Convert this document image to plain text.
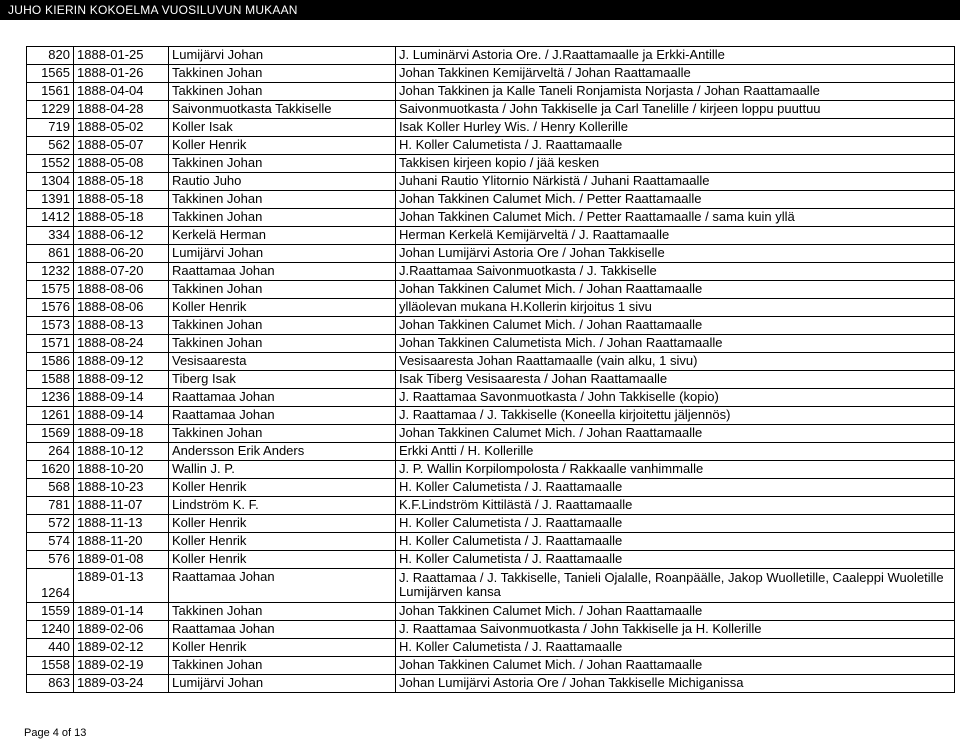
JUHO KIERIN KOKOELMA VUOSILUVUN MUKAAN
820	1888-01-25	Lumijärvi Johan	J. Luminärvi Astoria Ore. / J.Raattamaalle ja Erkki-Antille
1565	1888-01-26	Takkinen Johan	Johan Takkinen Kemijärveltä / Johan Raattamaalle
1561	1888-04-04	Takkinen Johan	Johan Takkinen ja Kalle Taneli Ronjamista Norjasta / Johan Raattamaalle
1229	1888-04-28	Saivonmuotkasta Takkiselle	Saivonmuotkasta / John Takkiselle ja Carl Tanelille / kirjeen loppu puuttuu
719	1888-05-02	Koller Isak	Isak Koller Hurley Wis. / Henry Kollerille
562	1888-05-07	Koller Henrik	H. Koller Calumetista / J. Raattamaalle
1552	1888-05-08	Takkinen Johan	Takkisen kirjeen kopio / jää kesken
1304	1888-05-18	Rautio Juho	Juhani Rautio Ylitornio Närkistä / Juhani Raattamaalle
1391	1888-05-18	Takkinen Johan	Johan Takkinen Calumet Mich. / Petter Raattamaalle
1412	1888-05-18	Takkinen Johan	Johan Takkinen Calumet Mich. / Petter Raattamaalle / sama kuin yllä
334	1888-06-12	Kerkelä Herman	Herman Kerkelä Kemijärveltä / J. Raattamaalle
861	1888-06-20	Lumijärvi Johan	Johan Lumijärvi Astoria Ore / Johan Takkiselle
1232	1888-07-20	Raattamaa Johan	J.Raattamaa Saivonmuotkasta / J. Takkiselle
1575	1888-08-06	Takkinen Johan	Johan Takkinen Calumet Mich. / Johan Raattamaalle
1576	1888-08-06	Koller Henrik	ylläolevan mukana H.Kollerin kirjoitus 1 sivu
1573	1888-08-13	Takkinen Johan	Johan Takkinen Calumet Mich. / Johan Raattamaalle
1571	1888-08-24	Takkinen Johan	Johan Takkinen Calumetista Mich. / Johan Raattamaalle
1586	1888-09-12	Vesisaaresta	Vesisaaresta Johan Raattamaalle (vain alku, 1 sivu)
1588	1888-09-12	Tiberg Isak	Isak Tiberg Vesisaaresta / Johan Raattamaalle
1236	1888-09-14	Raattamaa Johan	J. Raattamaa Savonmuotkasta / John Takkiselle (kopio)
1261	1888-09-14	Raattamaa Johan	J. Raattamaa / J. Takkiselle (Koneella kirjoitettu jäljennös)
1569	1888-09-18	Takkinen Johan	Johan Takkinen Calumet Mich. / Johan Raattamaalle
264	1888-10-12	Andersson Erik Anders	Erkki Antti / H. Kollerille
1620	1888-10-20	Wallin J. P.	J. P. Wallin Korpilompolosta / Rakkaalle vanhimmalle
568	1888-10-23	Koller Henrik	H. Koller Calumetista / J. Raattamaalle
781	1888-11-07	Lindström K. F.	K.F.Lindström Kittilästä / J. Raattamaalle
572	1888-11-13	Koller Henrik	H. Koller Calumetista / J. Raattamaalle
574	1888-11-20	Koller Henrik	H. Koller Calumetista / J. Raattamaalle
576	1889-01-08	Koller Henrik	H. Koller Calumetista / J. Raattamaalle
1264	1889-01-13	Raattamaa Johan	J. Raattamaa / J. Takkiselle, Tanieli Ojalalle, Roanpäälle, Jakop Wuolletille, Caaleppi Wuoletille Lumijärven kansa
1559	1889-01-14	Takkinen Johan	Johan Takkinen Calumet Mich. / Johan Raattamaalle
1240	1889-02-06	Raattamaa Johan	J. Raattamaa Saivonmuotkasta / John Takkiselle ja H. Kollerille
440	1889-02-12	Koller Henrik	H. Koller Calumetista / J. Raattamaalle
1558	1889-02-19	Takkinen Johan	Johan Takkinen Calumet Mich. / Johan Raattamaalle
863	1889-03-24	Lumijärvi Johan	Johan Lumijärvi Astoria Ore / Johan Takkiselle Michiganissa
Page 4 of 13
